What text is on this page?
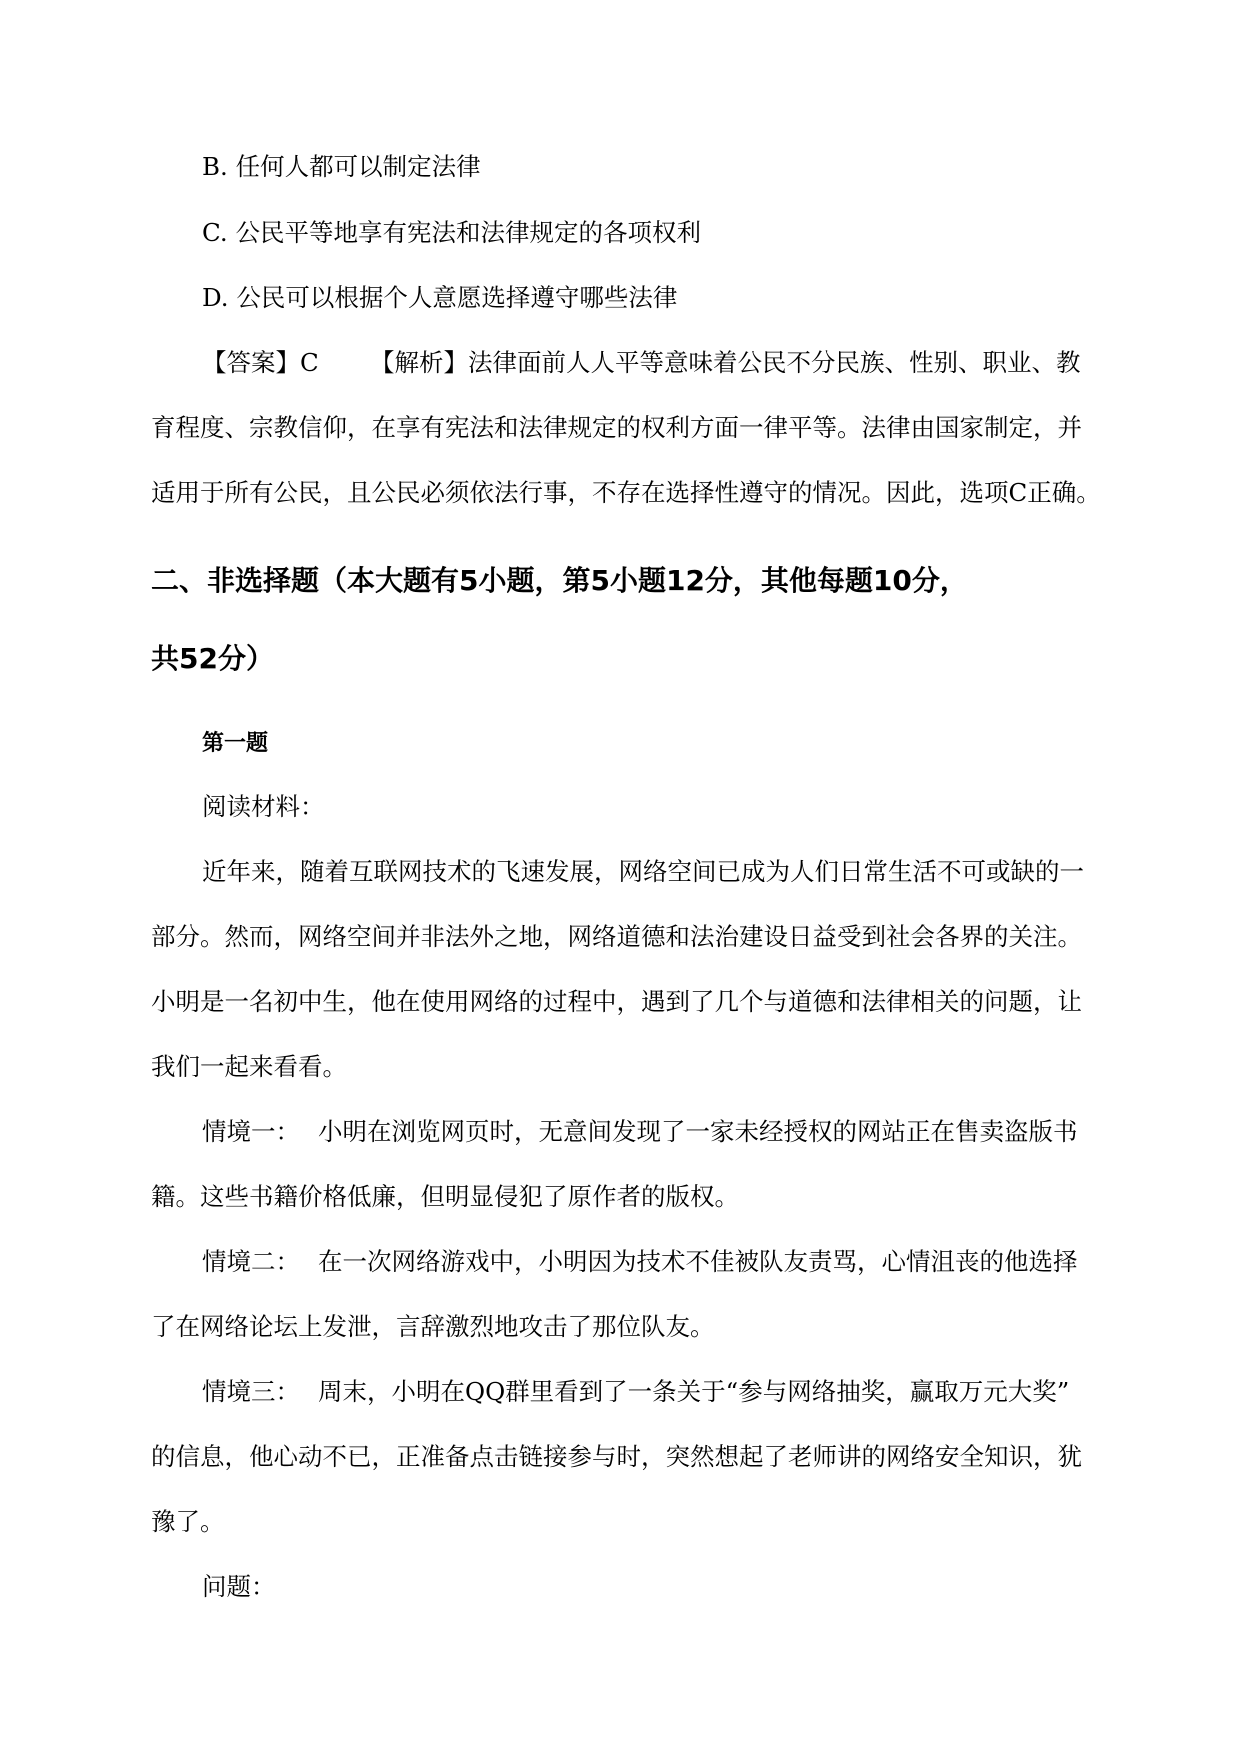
B. 任何人都可以制定法律
C. 公民平等地享有宪法和法律规定的各项权利
D. 公民可以根据个人意愿选择遵守哪些法律
【答案】C 【解析】法律面前人人平等意味着公民不分民族、性别、职业、教
育程度、宗教信仰，在享有宪法和法律规定的权利方面一律平等。法律由国家制定，并
适用于所有公民，且公民必须依法行事，不存在选择性遵守的情况。因此，选项C正确。
二、非选择题（本大题有5小题，第5小题12分，其他每题10分，
共52分）
第一题
阅读材料：
近年来，随着互联网技术的飞速发展，网络空间已成为人们日常生活不可或缺的一
部分。然而，网络空间并非法外之地，网络道德和法治建设日益受到社会各界的关注。
小明是一名初中生，他在使用网络的过程中，遇到了几个与道德和法律相关的问题，让
我们一起来看看。
情境一： 小明在浏览网页时，无意间发现了一家未经授权的网站正在售卖盗版书
籍。这些书籍价格低廉，但明显侵犯了原作者的版权。
情境二： 在一次网络游戏中，小明因为技术不佳被队友责骂，心情沮丧的他选择
了在网络论坛上发泄，言辞激烈地攻击了那位队友。
情境三： 周末，小明在QQ群里看到了一条关于“参与网络抽奖，赢取万元大奖”
的信息，他心动不已，正准备点击链接参与时，突然想起了老师讲的网络安全知识，犹
豫了。
问题：
